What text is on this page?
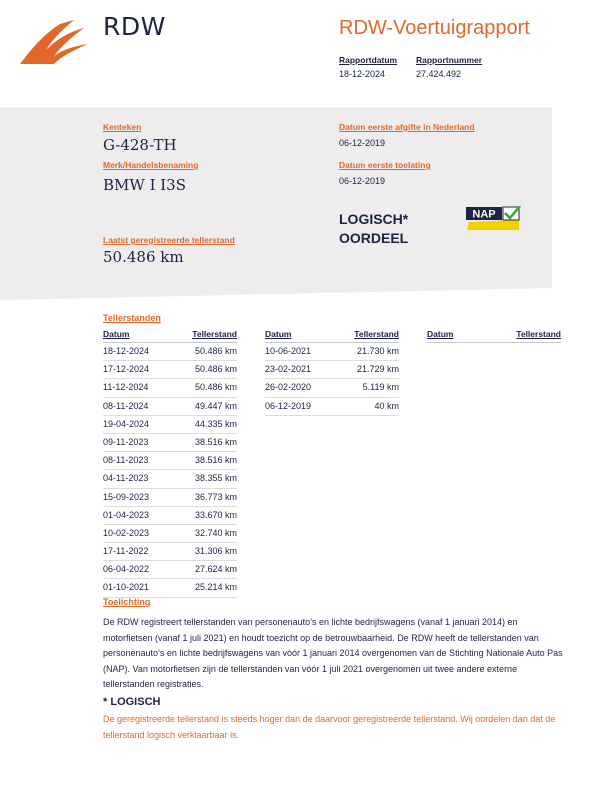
RDW	RDW-Voertuigrapport
Rapportdatum
18-12-2024
Rapportnummer
27.424.492
Kenteken
G-428-TH
Merk/Handelsbenaming
BMW I I3S
Laatst geregistreerde tellerstand
50.486 km
Datum eerste afgifte in Nederland
06-12-2019
Datum eerste toelating
06-12-2019
LOGISCH*
OORDEEL
NAP
Tellerstanden
Datum	Tellerstand
18-12-2024	50.486 km
17-12-2024	50.486 km
11-12-2024	50.486 km
08-11-2024	49.447 km
19-04-2024	44.335 km
09-11-2023	38.516 km
08-11-2023	38.516 km
04-11-2023	38.355 km
15-09-2023	36.773 km
01-04-2023	33.670 km
10-02-2023	32.740 km
17-11-2022	31.306 km
06-04-2022	27.624 km
01-10-2021	25.214 km
Datum	Tellerstand
10-06-2021	21.730 km
23-02-2021	21.729 km
26-02-2020	5.119 km
06-12-2019	40 km
Datum	Tellerstand
Toelichting
De RDW registreert tellerstanden van personenauto’s en lichte bedrijfswagens (vanaf 1 januari 2014) en motorfietsen (vanaf 1 juli 2021) en houdt toezicht op de betrouwbaarheid. De RDW heeft de tellerstanden van personenauto’s en lichte bedrijfswagens van vóór 1 januari 2014 overgenomen van de Stichting Nationale Auto Pas (NAP). Van motorfietsen zijn de tellerstanden van vóór 1 juli 2021 overgenomen uit twee andere externe tellerstanden registraties.
* LOGISCH
De geregistreerde tellerstand is steeds hoger dan de daarvoor geregistreerde tellerstand. Wij oordelen dan dat de tellerstand logisch verklaarbaar is.
